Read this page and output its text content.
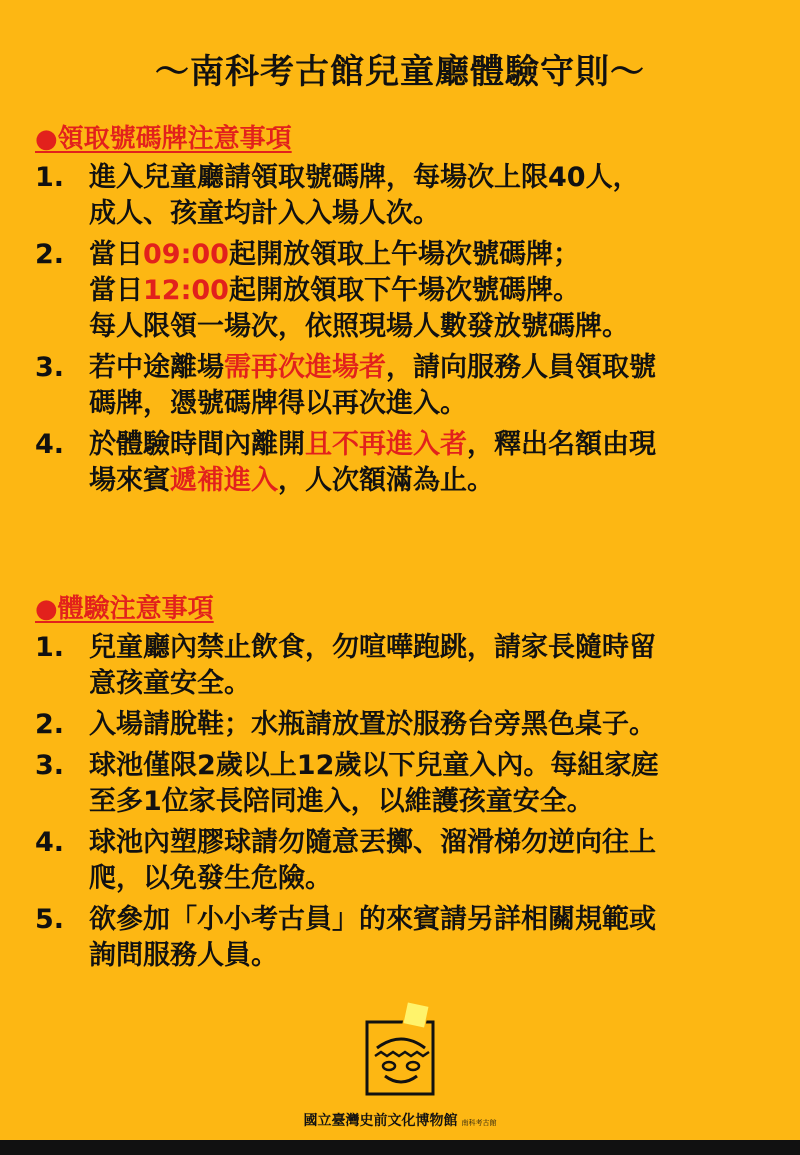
～南科考古館兒童廳體驗守則～
●領取號碼牌注意事項
1. 進入兒童廳請領取號碼牌，每場次上限40人，
成人、孩童均計入入場人次。
2. 當日09:00起開放領取上午場次號碼牌；
當日12:00起開放領取下午場次號碼牌。
每人限領一場次，依照現場人數發放號碼牌。
3. 若中途離場需再次進場者，請向服務人員領取號
碼牌，憑號碼牌得以再次進入。
4. 於體驗時間內離開且不再進入者，釋出名額由現
場來賓遞補進入，人次額滿為止。
●體驗注意事項
1. 兒童廳內禁止飲食，勿喧嘩跑跳，請家長隨時留
意孩童安全。
2. 入場請脫鞋；水瓶請放置於服務台旁黑色桌子。
3. 球池僅限2歲以上12歲以下兒童入內。每組家庭
至多1位家長陪同進入，以維護孩童安全。
4. 球池內塑膠球請勿隨意丟擲、溜滑梯勿逆向往上
爬，以免發生危險。
5. 欲參加「小小考古員」的來賓請另詳相關規範或
詢問服務人員。
國立臺灣史前文化博物館 南科考古館
